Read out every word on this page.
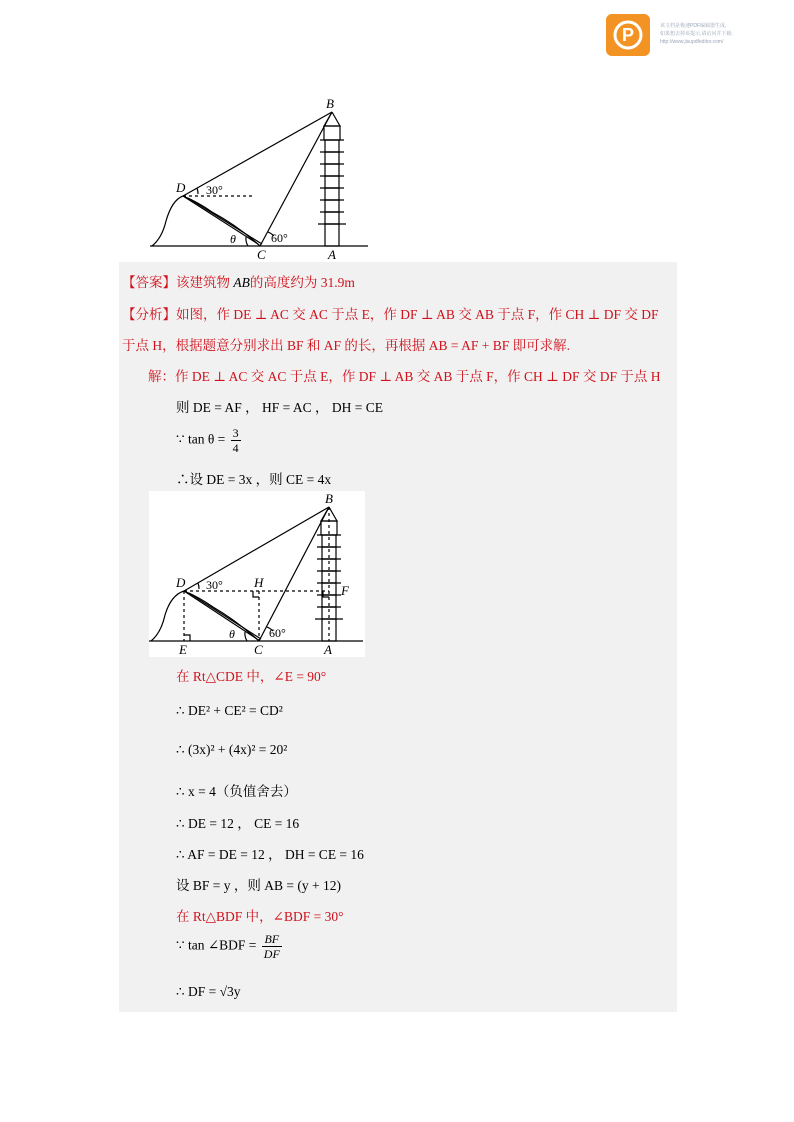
P	该文档是极速PDF编辑器生成,
如果想去掉该提示,请访问并下载:
http://www.jisupdfeditor.com/
B
D
C	A
θ
30°
60°
【答案】该建筑物 AB的高度约为 31.9m
【分析】如图，作 DE ⊥ AC 交 AC 于点 E，作 DF ⊥ AB 交 AB 于点 F，作 CH ⊥ DF 交 DF
于点 H，根据题意分别求出 BF 和 AF 的长，再根据 AB = AF + BF 即可求解.
解：作 DE ⊥ AC 交 AC 于点 E，作 DF ⊥ AB 交 AB 于点 F，作 CH ⊥ DF 交 DF 于点 H
则 DE = AF ， HF = AC ， DH = CE
∵ $\tan \theta = \frac{3}{4}$
∴设 DE = 3x ，则 CE = 4x
B
D	H
F
E	C	A
θ
30°
60°
在 Rt△CDE 中，∠E = 90°
∴ DE² + CE² = CD²
∴ (3x)² + (4x)² = 20²
∴ x = 4（负值舍去）
∴ DE = 12 ， CE = 16
∴ AF = DE = 12 ， DH = CE = 16
设 BF = y ，则 AB = (y + 12)
在 Rt△BDF 中，∠BDF = 30°
∵ tan ∠BDF = $\frac{BF}{DF}$
∴ DF = √3y
